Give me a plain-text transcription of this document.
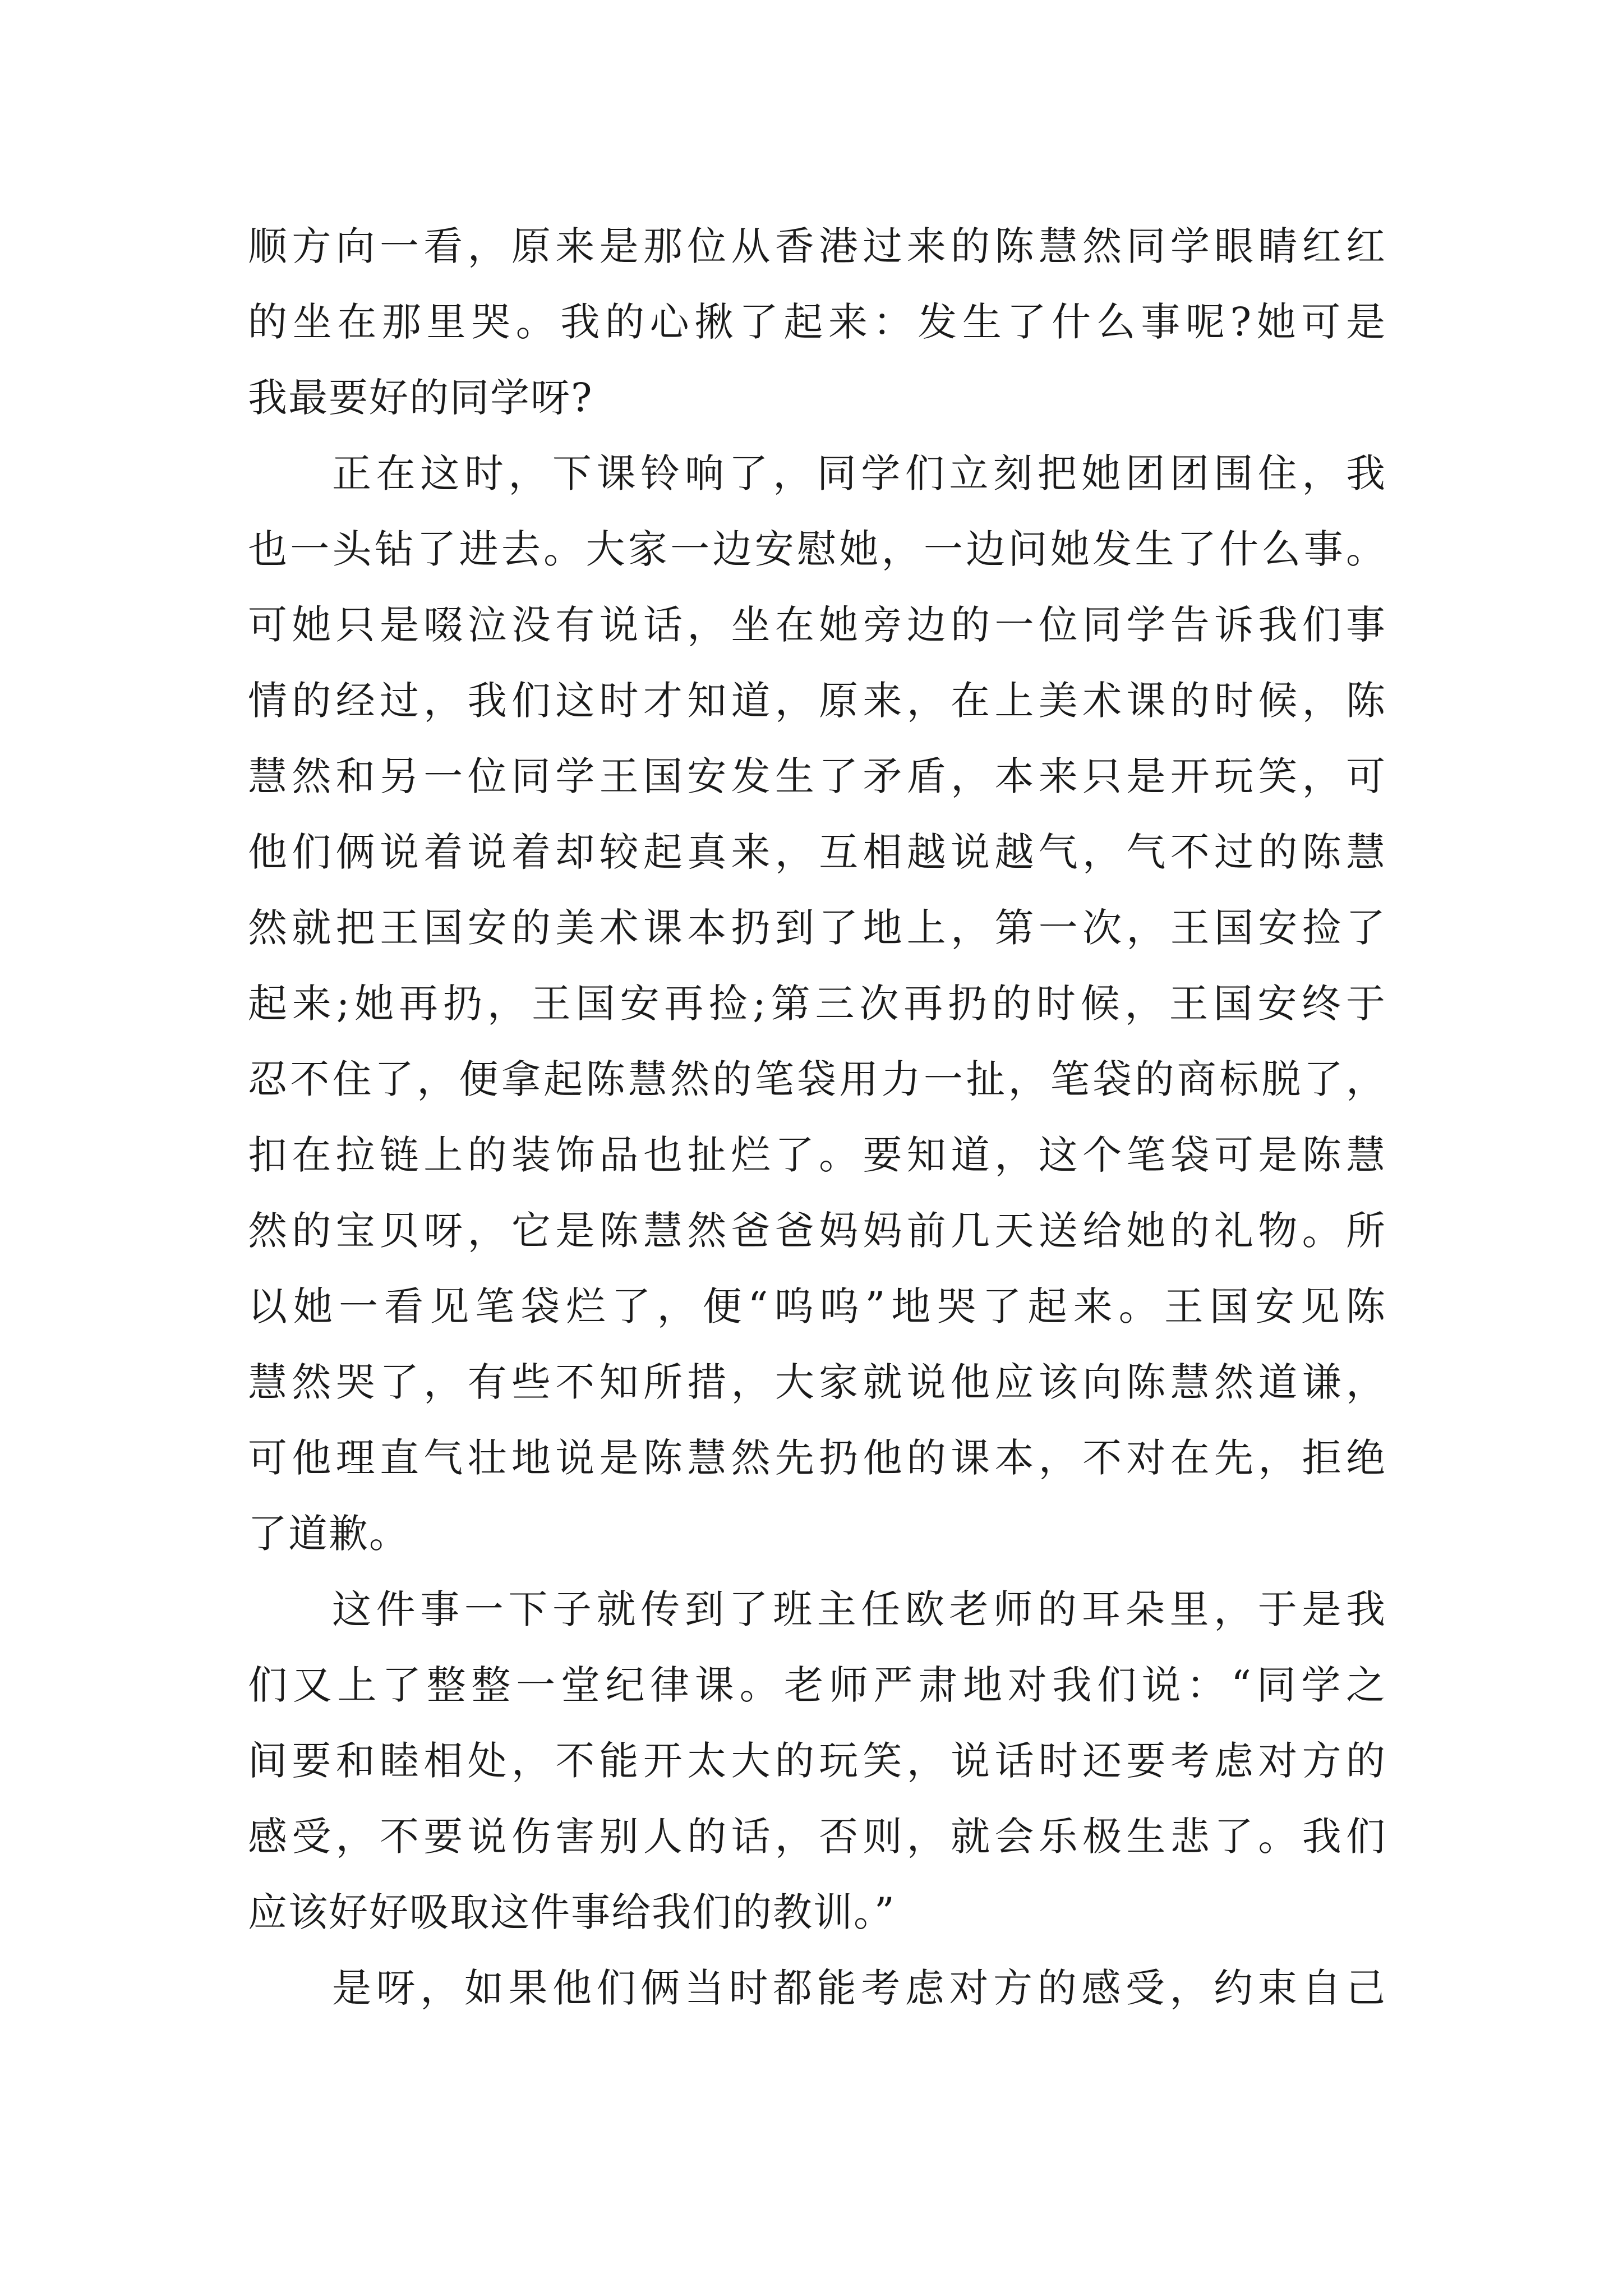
顺方向一看，原来是那位从香港过来的陈慧然同学眼睛红红
的坐在那里哭。我的心揪了起来：发生了什么事呢?她可是
我最要好的同学呀?
正在这时，下课铃响了，同学们立刻把她团团围住，我
也一头钻了进去。大家一边安慰她，一边问她发生了什么事。
可她只是啜泣没有说话，坐在她旁边的一位同学告诉我们事
情的经过，我们这时才知道，原来，在上美术课的时候，陈
慧然和另一位同学王国安发生了矛盾，本来只是开玩笑，可
他们俩说着说着却较起真来，互相越说越气，气不过的陈慧
然就把王国安的美术课本扔到了地上，第一次，王国安捡了
起来;她再扔，王国安再捡;第三次再扔的时候，王国安终于
忍不住了，便拿起陈慧然的笔袋用力一扯，笔袋的商标脱了，
扣在拉链上的装饰品也扯烂了。要知道，这个笔袋可是陈慧
然的宝贝呀，它是陈慧然爸爸妈妈前几天送给她的礼物。所
以她一看见笔袋烂了，便“呜呜”地哭了起来。王国安见陈
慧然哭了，有些不知所措，大家就说他应该向陈慧然道谦，
可他理直气壮地说是陈慧然先扔他的课本，不对在先，拒绝
了道歉。
这件事一下子就传到了班主任欧老师的耳朵里，于是我
们又上了整整一堂纪律课。老师严肃地对我们说：“同学之
间要和睦相处，不能开太大的玩笑，说话时还要考虑对方的
感受，不要说伤害别人的话，否则，就会乐极生悲了。我们
应该好好吸取这件事给我们的教训。”
是呀，如果他们俩当时都能考虑对方的感受，约束自己
